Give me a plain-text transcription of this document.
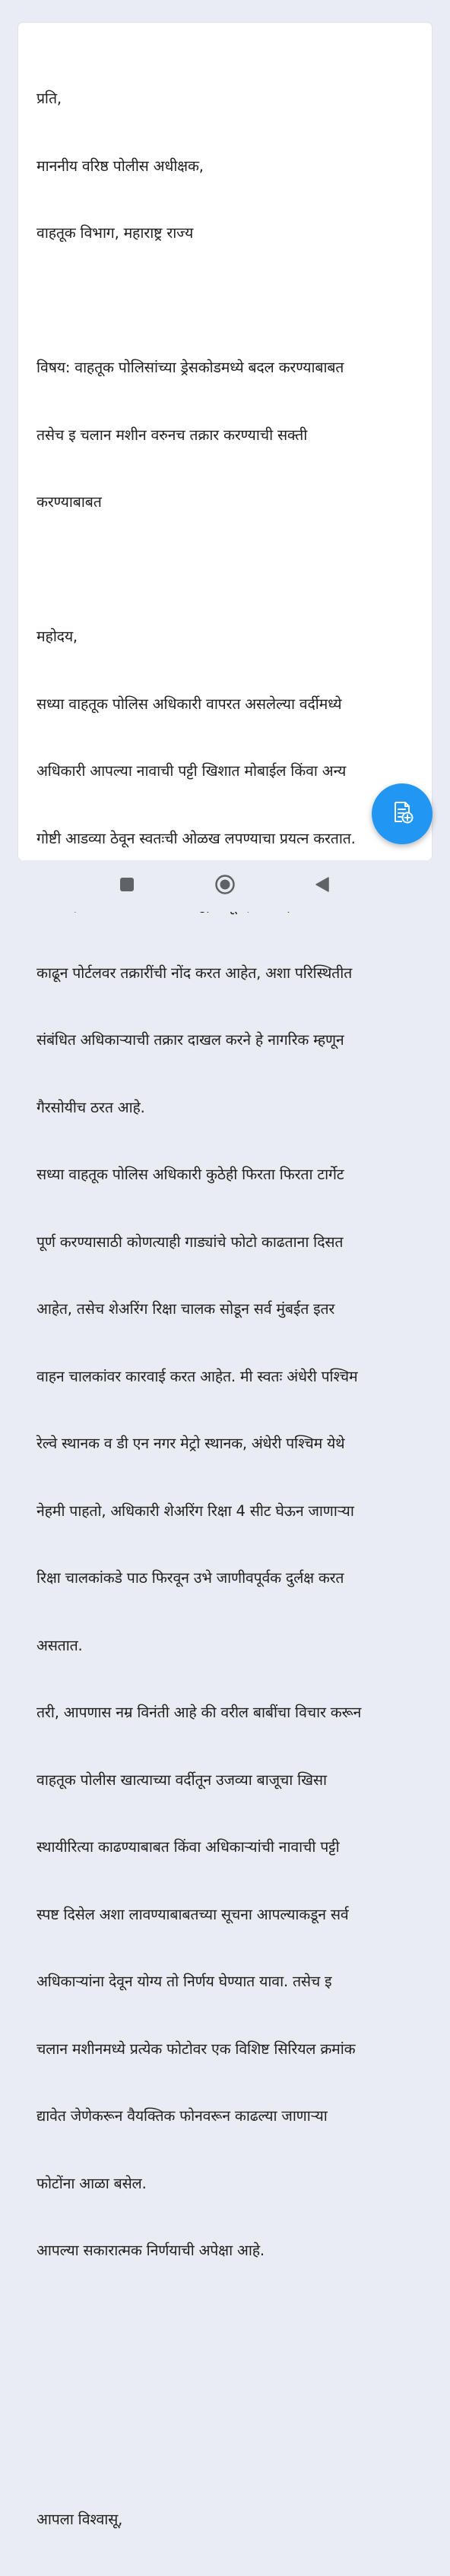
प्रति,

माननीय वरिष्ठ पोलीस अधीक्षक,

वाहतूक विभाग, महाराष्ट्र राज्य

विषय: वाहतूक पोलिसांच्या ड्रेसकोडमध्ये बदल करण्याबाबत

तसेच इ चलान मशीन वरुनच तक्रार करण्याची सक्ती

करण्याबाबत

महोदय,

सध्या वाहतूक पोलिस अधिकारी वापरत असलेल्या वर्दीमध्ये

अधिकारी आपल्या नावाची पट्टी खिशात मोबाईल किंवा अन्य

गोष्टी आडव्या ठेवून स्वतःची ओळख लपण्याचा प्रयत्न करतात.

काढून पोर्टलवर तक्रारींची नोंद करत आहेत, अशा परिस्थितीत

संबंधित अधिकाऱ्याची तक्रार दाखल करने हे नागरिक म्हणून

गैरसोयीच ठरत आहे.

सध्या वाहतूक पोलिस अधिकारी कुठेही फिरता फिरता टार्गेट

पूर्ण करण्यासाठी कोणत्याही गाड्यांचे फोटो काढताना दिसत

आहेत, तसेच शेअरिंग रिक्षा चालक सोडून सर्व मुंबईत इतर

वाहन चालकांवर कारवाई करत आहेत. मी स्वतः अंधेरी पश्चिम

रेल्वे स्थानक व डी एन नगर मेट्रो स्थानक, अंधेरी पश्चिम येथे

नेहमी पाहतो, अधिकारी शेअरिंग रिक्षा 4 सीट घेऊन जाणाऱ्या

रिक्षा चालकांकडे पाठ फिरवून उभे जाणीवपूर्वक दुर्लक्ष करत

असतात.

तरी, आपणास नम्र विनंती आहे की वरील बाबींचा विचार करून

वाहतूक पोलीस खात्याच्या वर्दीतून उजव्या बाजूचा खिसा

स्थायीरित्या काढण्याबाबत किंवा अधिकाऱ्यांची नावाची पट्टी

स्पष्ट दिसेल अशा लावण्याबाबतच्या सूचना आपल्याकडून सर्व

अधिकाऱ्यांना देवून योग्य तो निर्णय घेण्यात यावा. तसेच इ

चलान मशीनमध्ये प्रत्येक फोटोवर एक विशिष्ट सिरियल क्रमांक

द्यावेत जेणेकरून वैयक्तिक फोनवरून काढल्या जाणाऱ्या

फोटोंना आळा बसेल.

आपल्या सकारात्मक निर्णयाची अपेक्षा आहे.

आपला विश्वासू,
